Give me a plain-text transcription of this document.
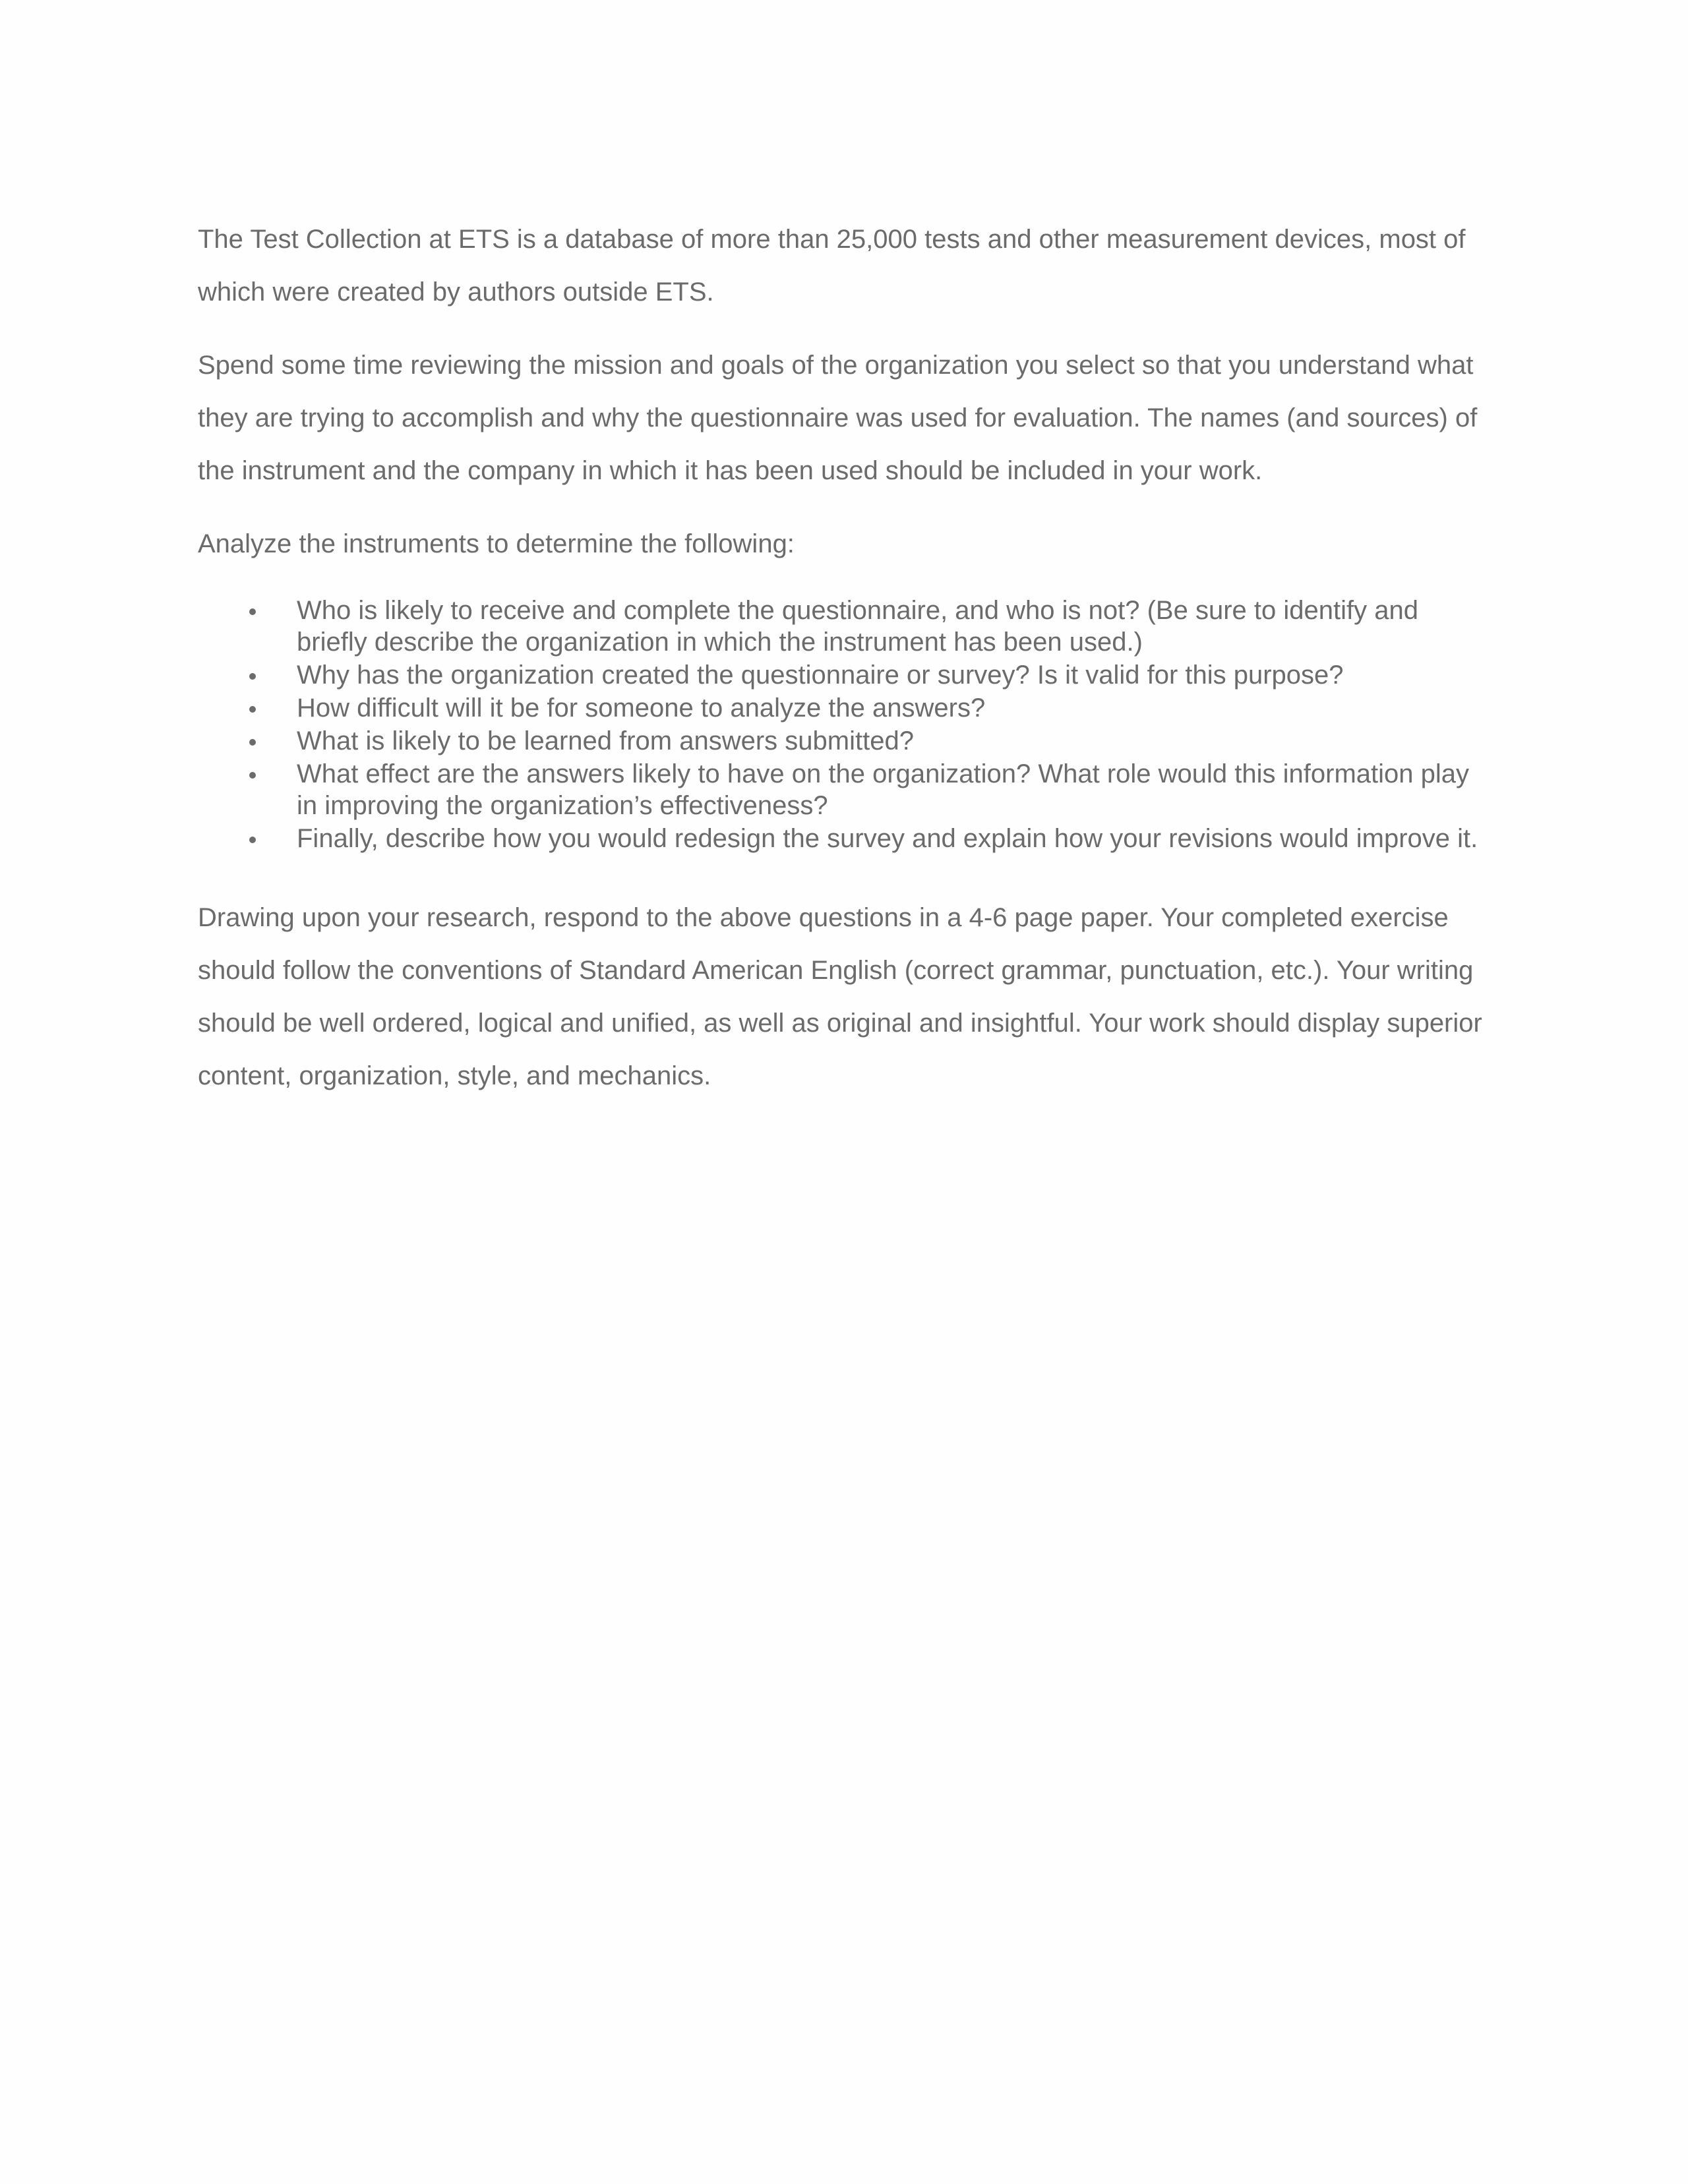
The Test Collection at ETS is a database of more than 25,000 tests and other measurement devices, most of which were created by authors outside ETS.

Spend some time reviewing the mission and goals of the organization you select so that you understand what they are trying to accomplish and why the questionnaire was used for evaluation. The names (and sources) of the instrument and the company in which it has been used should be included in your work.

Analyze the instruments to determine the following:

Who is likely to receive and complete the questionnaire, and who is not? (Be sure to identify and briefly describe the organization in which the instrument has been used.)
Why has the organization created the questionnaire or survey? Is it valid for this purpose?
How difficult will it be for someone to analyze the answers?
What is likely to be learned from answers submitted?
What effect are the answers likely to have on the organization? What role would this information play in improving the organization’s effectiveness?
Finally, describe how you would redesign the survey and explain how your revisions would improve it.

Drawing upon your research, respond to the above questions in a 4-6 page paper. Your completed exercise should follow the conventions of Standard American English (correct grammar, punctuation, etc.). Your writing should be well ordered, logical and unified, as well as original and insightful. Your work should display superior content, organization, style, and mechanics.
